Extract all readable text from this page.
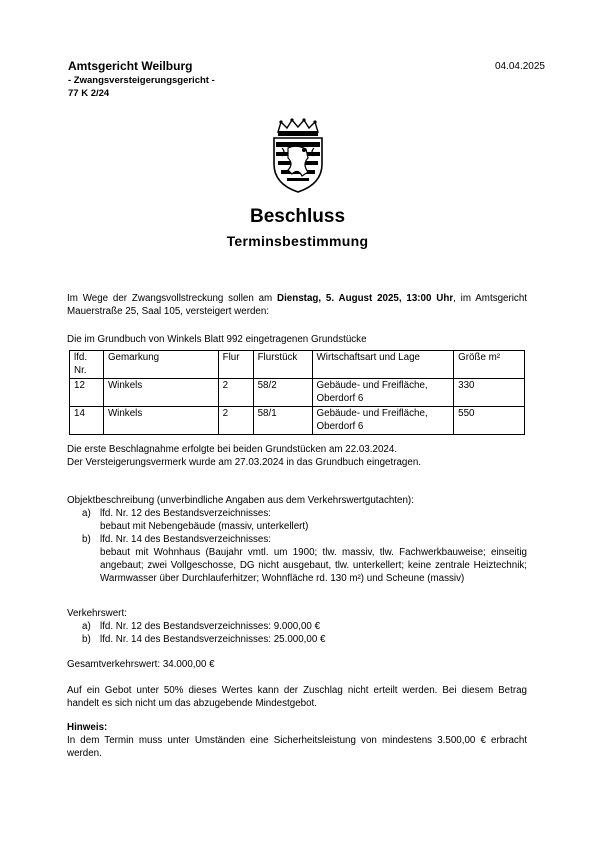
Amtsgericht Weilburg
- Zwangsversteigerungsgericht -
77 K 2/24
04.04.2025
Beschluss
Terminsbestimmung
Im Wege der Zwangsvollstreckung sollen am Dienstag, 5. August 2025, 13:00 Uhr, im Amtsgericht Mauerstraße 25, Saal 105, versteigert werden:
Die im Grundbuch von Winkels Blatt 992 eingetragenen Grundstücke
lfd. Nr.	Gemarkung	Flur	Flurstück	Wirtschaftsart und Lage	Größe m²
12	Winkels	2	58/2	Gebäude- und Freifläche, Oberdorf 6	330
14	Winkels	2	58/1	Gebäude- und Freifläche, Oberdorf 6	550
Die erste Beschlagnahme erfolgte bei beiden Grundstücken am 22.03.2024.
Der Versteigerungsvermerk wurde am 27.03.2024 in das Grundbuch eingetragen.
Objektbeschreibung (unverbindliche Angaben aus dem Verkehrswertgutachten):
a) lfd. Nr. 12 des Bestandsverzeichnisses:
bebaut mit Nebengebäude (massiv, unterkellert)
b) lfd. Nr. 14 des Bestandsverzeichnisses:
bebaut mit Wohnhaus (Baujahr vmtl. um 1900; tlw. massiv, tlw. Fachwerkbauweise; einseitig angebaut; zwei Vollgeschosse, DG nicht ausgebaut, tlw. unterkellert; keine zentrale Heiztechnik; Warmwasser über Durchlauferhitzer; Wohnfläche rd. 130 m²) und Scheune (massiv)
Verkehrswert:
a) lfd. Nr. 12 des Bestandsverzeichnisses: 9.000,00 €
b) lfd. Nr. 14 des Bestandsverzeichnisses: 25.000,00 €
Gesamtverkehrswert: 34.000,00 €
Auf ein Gebot unter 50% dieses Wertes kann der Zuschlag nicht erteilt werden. Bei diesem Betrag handelt es sich nicht um das abzugebende Mindestgebot.
Hinweis:
In dem Termin muss unter Umständen eine Sicherheitsleistung von mindestens 3.500,00 € erbracht werden.
